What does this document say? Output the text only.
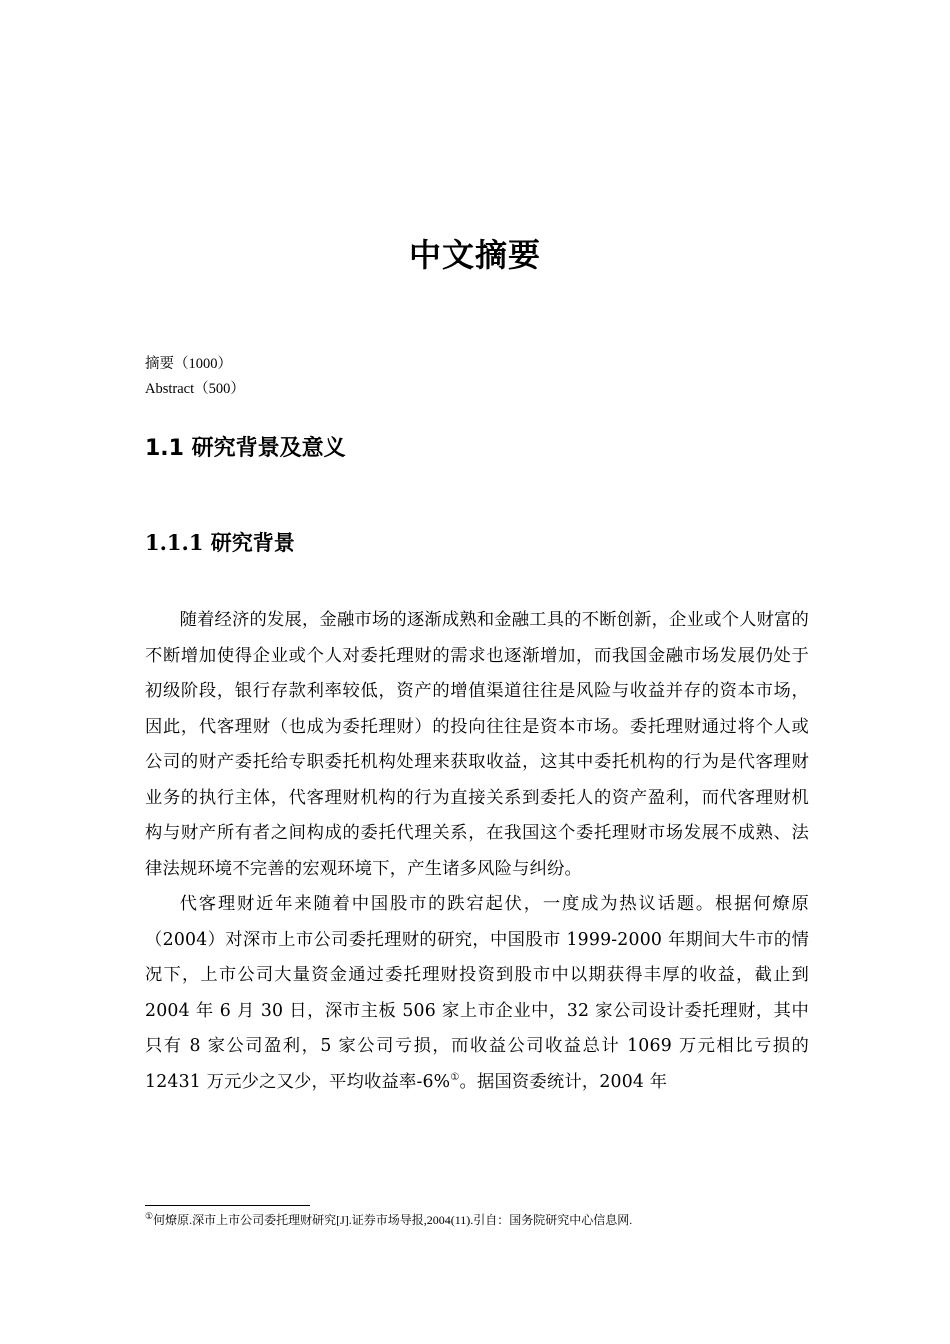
中文摘要
摘要（1000）
Abstract（500）
1.1 研究背景及意义
1.1.1 研究背景

随着经济的发展，金融市场的逐渐成熟和金融工具的不断创新，企业或个人财富的不断增加使得企业或个人对委托理财的需求也逐渐增加，而我国金融市场发展仍处于初级阶段，银行存款利率较低，资产的增值渠道往往是风险与收益并存的资本市场，因此，代客理财（也成为委托理财）的投向往往是资本市场。委托理财通过将个人或公司的财产委托给专职委托机构处理来获取收益，这其中委托机构的行为是代客理财业务的执行主体，代客理财机构的行为直接关系到委托人的资产盈利，而代客理财机构与财产所有者之间构成的委托代理关系，在我国这个委托理财市场发展不成熟、法律法规环境不完善的宏观环境下，产生诸多风险与纠纷。

代客理财近年来随着中国股市的跌宕起伏，一度成为热议话题。根据何燎原（2004）对深市上市公司委托理财的研究，中国股市 1999-2000 年期间大牛市的情况下，上市公司大量资金通过委托理财投资到股市中以期获得丰厚的收益，截止到 2004 年 6 月 30 日，深市主板 506 家上市企业中，32 家公司设计委托理财，其中只有 8 家公司盈利，5 家公司亏损，而收益公司收益总计 1069 万元相比亏损的 12431 万元少之又少，平均收益率-6%①。据国资委统计，2004 年

①何燎原.深市上市公司委托理财研究[J].证券市场导报,2004(11).引自：国务院研究中心信息网.
